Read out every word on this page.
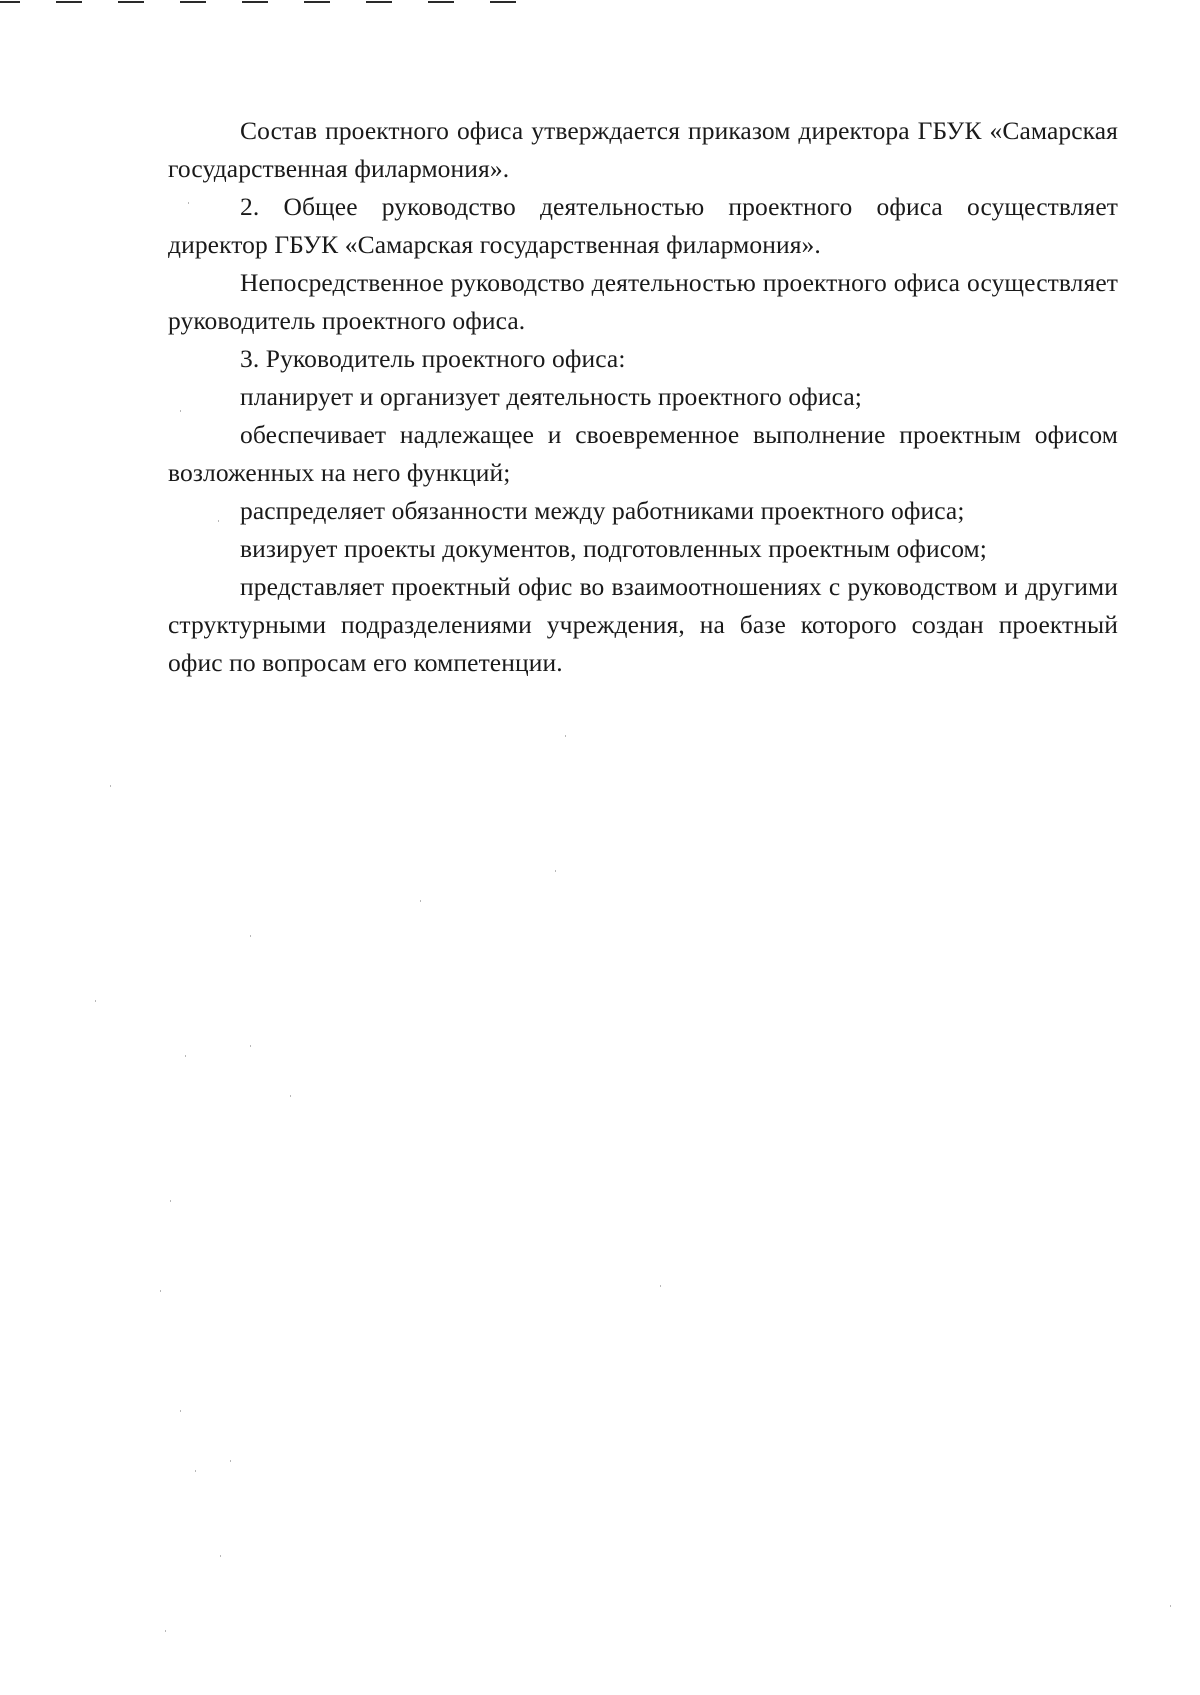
Состав проектного офиса утверждается приказом директора ГБУК «Самарская государственная филармония».

2. Общее руководство деятельностью проектного офиса осуществляет директор ГБУК «Самарская государственная филармония».

Непосредственное руководство деятельностью проектного офиса осуществляет руководитель проектного офиса.

3. Руководитель проектного офиса:

планирует и организует деятельность проектного офиса;

обеспечивает надлежащее и своевременное выполнение проектным офисом возложенных на него функций;

распределяет обязанности между работниками проектного офиса;

визирует проекты документов, подготовленных проектным офисом;

представляет проектный офис во взаимоотношениях с руководством и другими структурными подразделениями учреждения, на базе которого создан проектный офис по вопросам его компетенции.
